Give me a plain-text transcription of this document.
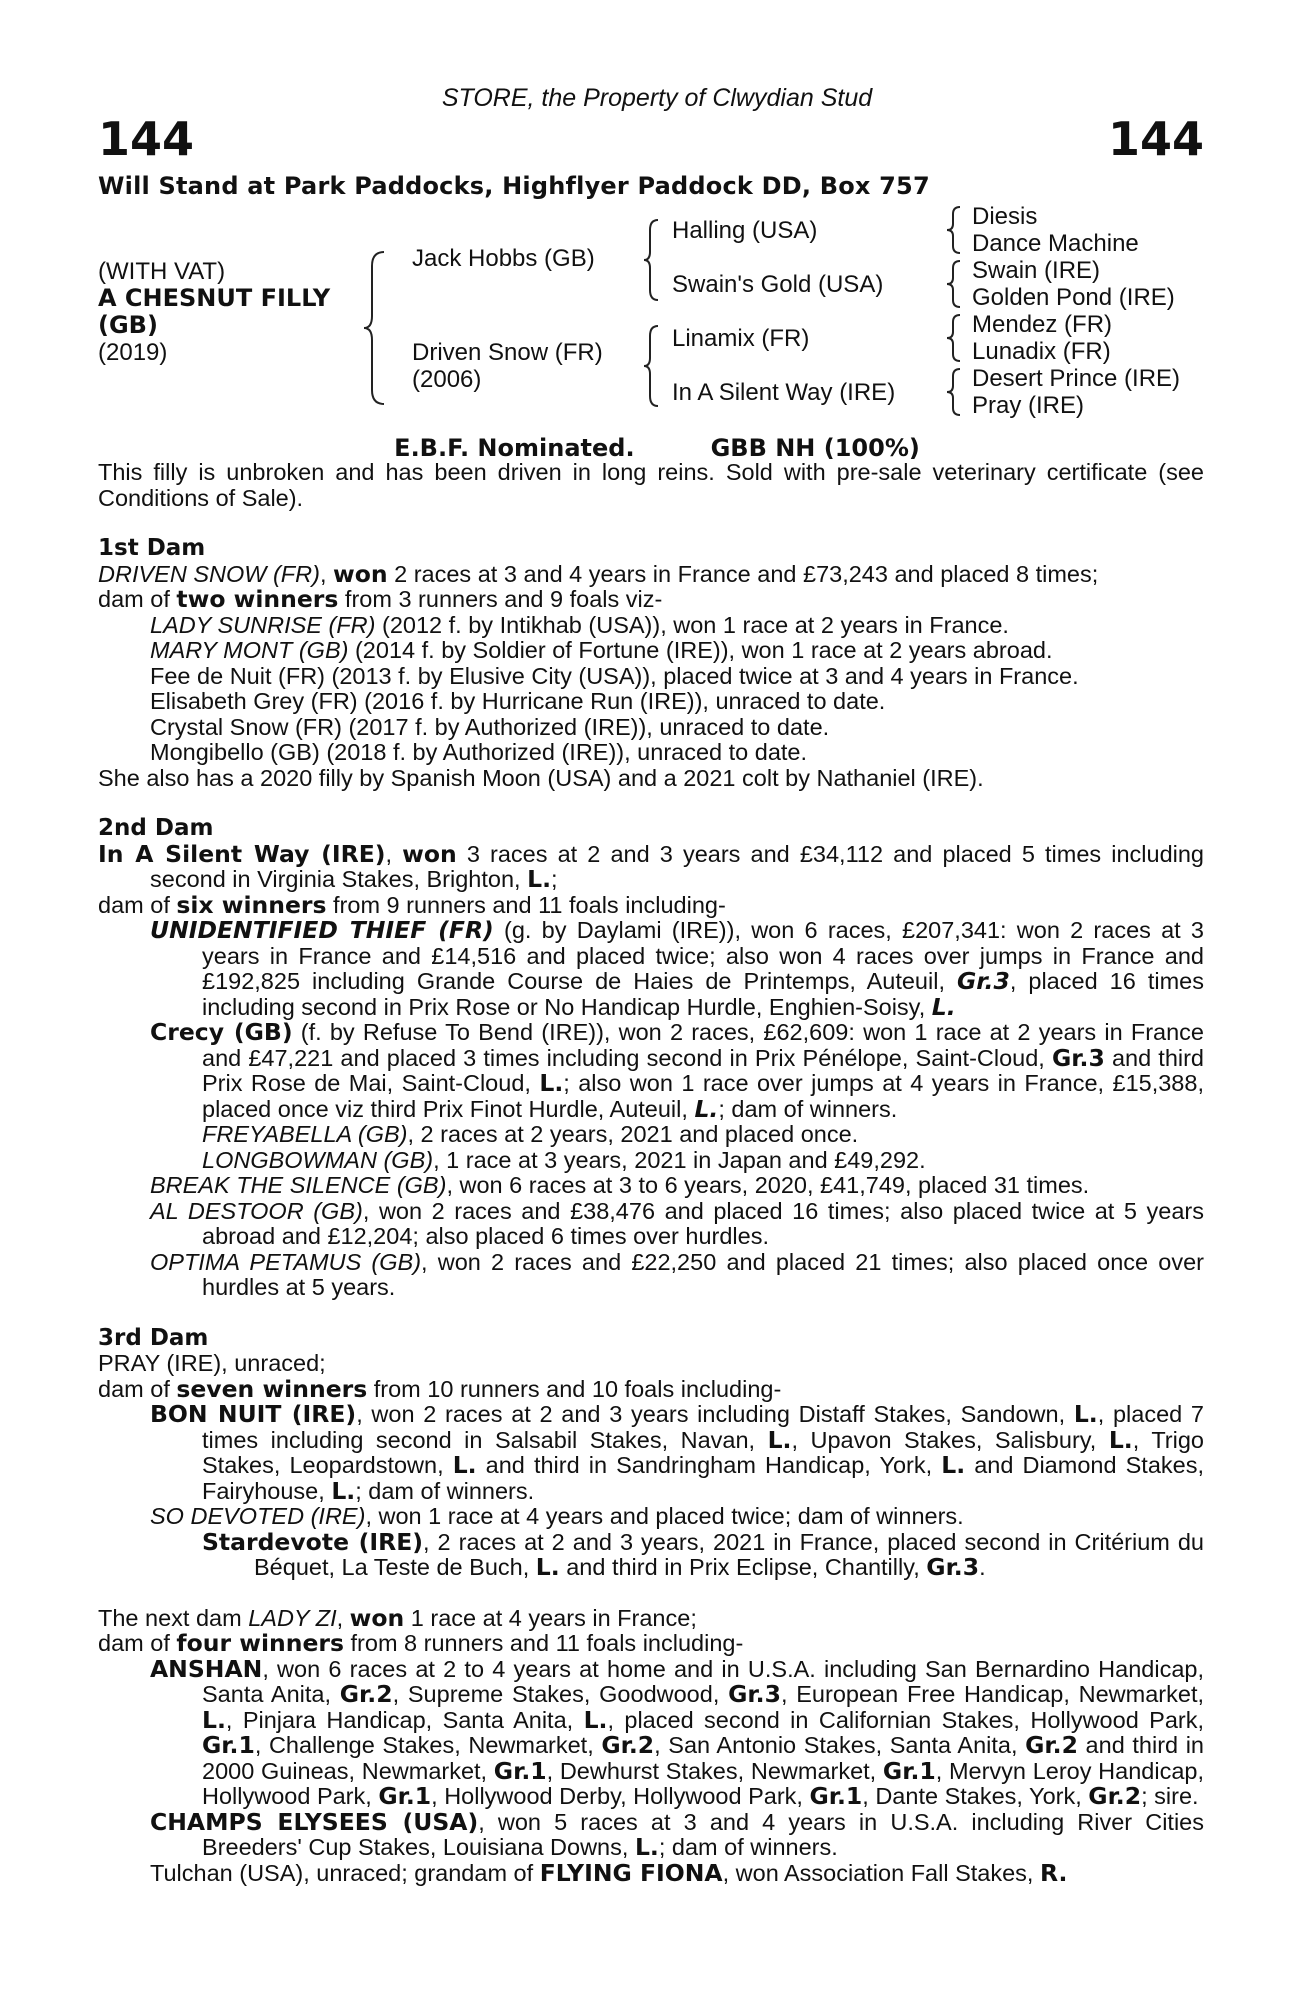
STORE, the Property of Clwydian Stud
144	144
Will Stand at Park Paddocks, Highflyer Paddock DD, Box 757
(WITH VAT)
A CHESNUT FILLY
(GB)
(2019)
Jack Hobbs (GB)
Driven Snow (FR)
(2006)
Halling (USA)
Swain's Gold (USA)
Linamix (FR)
In A Silent Way (IRE)
Diesis
Dance Machine
Swain (IRE)
Golden Pond (IRE)
Mendez (FR)
Lunadix (FR)
Desert Prince (IRE)
Pray (IRE)
E.B.F. Nominated.	GBB NH (100%)

This filly is unbroken and has been driven in long reins. Sold with pre-sale veterinary certificate (see Conditions of Sale).

1st Dam

DRIVEN SNOW (FR), won 2 races at 3 and 4 years in France and £73,243 and placed 8 times;

dam of two winners from 3 runners and 9 foals viz-

LADY SUNRISE (FR) (2012 f. by Intikhab (USA)), won 1 race at 2 years in France.

MARY MONT (GB) (2014 f. by Soldier of Fortune (IRE)), won 1 race at 2 years abroad.

Fee de Nuit (FR) (2013 f. by Elusive City (USA)), placed twice at 3 and 4 years in France.

Elisabeth Grey (FR) (2016 f. by Hurricane Run (IRE)), unraced to date.

Crystal Snow (FR) (2017 f. by Authorized (IRE)), unraced to date.

Mongibello (GB) (2018 f. by Authorized (IRE)), unraced to date.

She also has a 2020 filly by Spanish Moon (USA) and a 2021 colt by Nathaniel (IRE).

2nd Dam

In A Silent Way (IRE), won 3 races at 2 and 3 years and £34,112 and placed 5 times including second in Virginia Stakes, Brighton, L.;

dam of six winners from 9 runners and 11 foals including-

UNIDENTIFIED THIEF (FR) (g. by Daylami (IRE)), won 6 races, £207,341: won 2 races at 3 years in France and £14,516 and placed twice; also won 4 races over jumps in France and £192,825 including Grande Course de Haies de Printemps, Auteuil, Gr.3, placed 16 times including second in Prix Rose or No Handicap Hurdle, Enghien-Soisy, L.

Crecy (GB) (f. by Refuse To Bend (IRE)), won 2 races, £62,609: won 1 race at 2 years in France and £47,221 and placed 3 times including second in Prix Pénélope, Saint-Cloud, Gr.3 and third Prix Rose de Mai, Saint-Cloud, L.; also won 1 race over jumps at 4 years in France, £15,388, placed once viz third Prix Finot Hurdle, Auteuil, L.; dam of winners.

FREYABELLA (GB), 2 races at 2 years, 2021 and placed once.

LONGBOWMAN (GB), 1 race at 3 years, 2021 in Japan and £49,292.

BREAK THE SILENCE (GB), won 6 races at 3 to 6 years, 2020, £41,749, placed 31 times.

AL DESTOOR (GB), won 2 races and £38,476 and placed 16 times; also placed twice at 5 years abroad and £12,204; also placed 6 times over hurdles.

OPTIMA PETAMUS (GB), won 2 races and £22,250 and placed 21 times; also placed once over hurdles at 5 years.

3rd Dam

PRAY (IRE), unraced;

dam of seven winners from 10 runners and 10 foals including-

BON NUIT (IRE), won 2 races at 2 and 3 years including Distaff Stakes, Sandown, L., placed 7 times including second in Salsabil Stakes, Navan, L., Upavon Stakes, Salisbury, L., Trigo Stakes, Leopardstown, L. and third in Sandringham Handicap, York, L. and Diamond Stakes, Fairyhouse, L.; dam of winners.

SO DEVOTED (IRE), won 1 race at 4 years and placed twice; dam of winners.

Stardevote (IRE), 2 races at 2 and 3 years, 2021 in France, placed second in Critérium du Béquet, La Teste de Buch, L. and third in Prix Eclipse, Chantilly, Gr.3.

The next dam LADY ZI, won 1 race at 4 years in France;

dam of four winners from 8 runners and 11 foals including-

ANSHAN, won 6 races at 2 to 4 years at home and in U.S.A. including San Bernardino Handicap, Santa Anita, Gr.2, Supreme Stakes, Goodwood, Gr.3, European Free Handicap, Newmarket, L., Pinjara Handicap, Santa Anita, L., placed second in Californian Stakes, Hollywood Park, Gr.1, Challenge Stakes, Newmarket, Gr.2, San Antonio Stakes, Santa Anita, Gr.2 and third in 2000 Guineas, Newmarket, Gr.1, Dewhurst Stakes, Newmarket, Gr.1, Mervyn Leroy Handicap, Hollywood Park, Gr.1, Hollywood Derby, Hollywood Park, Gr.1, Dante Stakes, York, Gr.2; sire.

CHAMPS ELYSEES (USA), won 5 races at 3 and 4 years in U.S.A. including River Cities Breeders' Cup Stakes, Louisiana Downs, L.; dam of winners.

Tulchan (USA), unraced; grandam of FLYING FIONA, won Association Fall Stakes, R.
